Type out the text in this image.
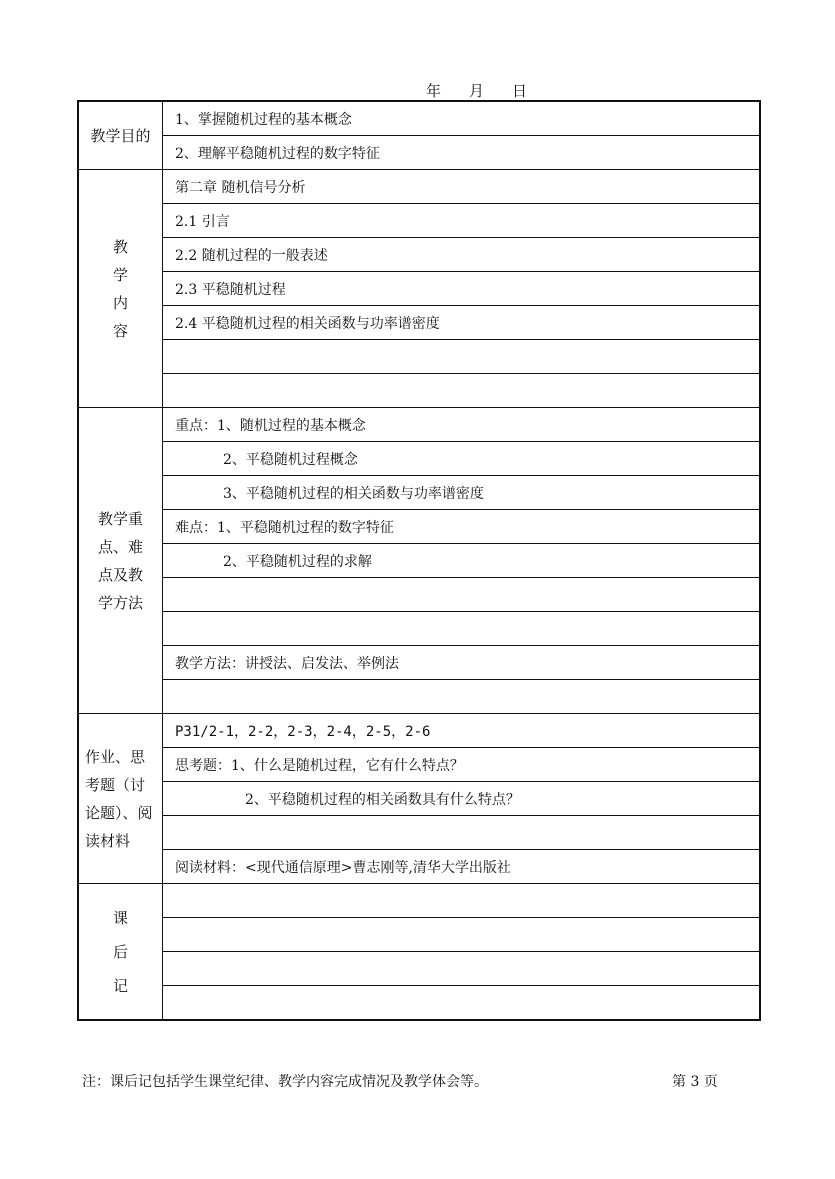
年 月 日
教学目的	1、掌握随机过程的基本概念
	2、理解平稳随机过程的数字特征

教
学
内
容	第二章 随机信号分析
	2.1 引言
	2.2 随机过程的一般表述
	2.3 平稳随机过程
	2.4 平稳随机过程的相关函数与功率谱密度

教学重
点、难
点及教
学方法	重点：1、随机过程的基本概念
	2、平稳随机过程概念
	3、平稳随机过程的相关函数与功率谱密度
	难点：1、平稳随机过程的数字特征
	2、平稳随机过程的求解

	教学方法：讲授法、启发法、举例法

作业、思
考题（讨
论题）、阅
读材料	P31/2-1，2-2，2-3，2-4，2-5，2-6
	思考题：1、什么是随机过程，它有什么特点？
	2、平稳随机过程的相关函数具有什么特点？

	阅读材料：<现代通信原理>曹志刚等,清华大学出版社

课
后
记	

注：课后记包括学生课堂纪律、教学内容完成情况及教学体会等。	第 3 页
